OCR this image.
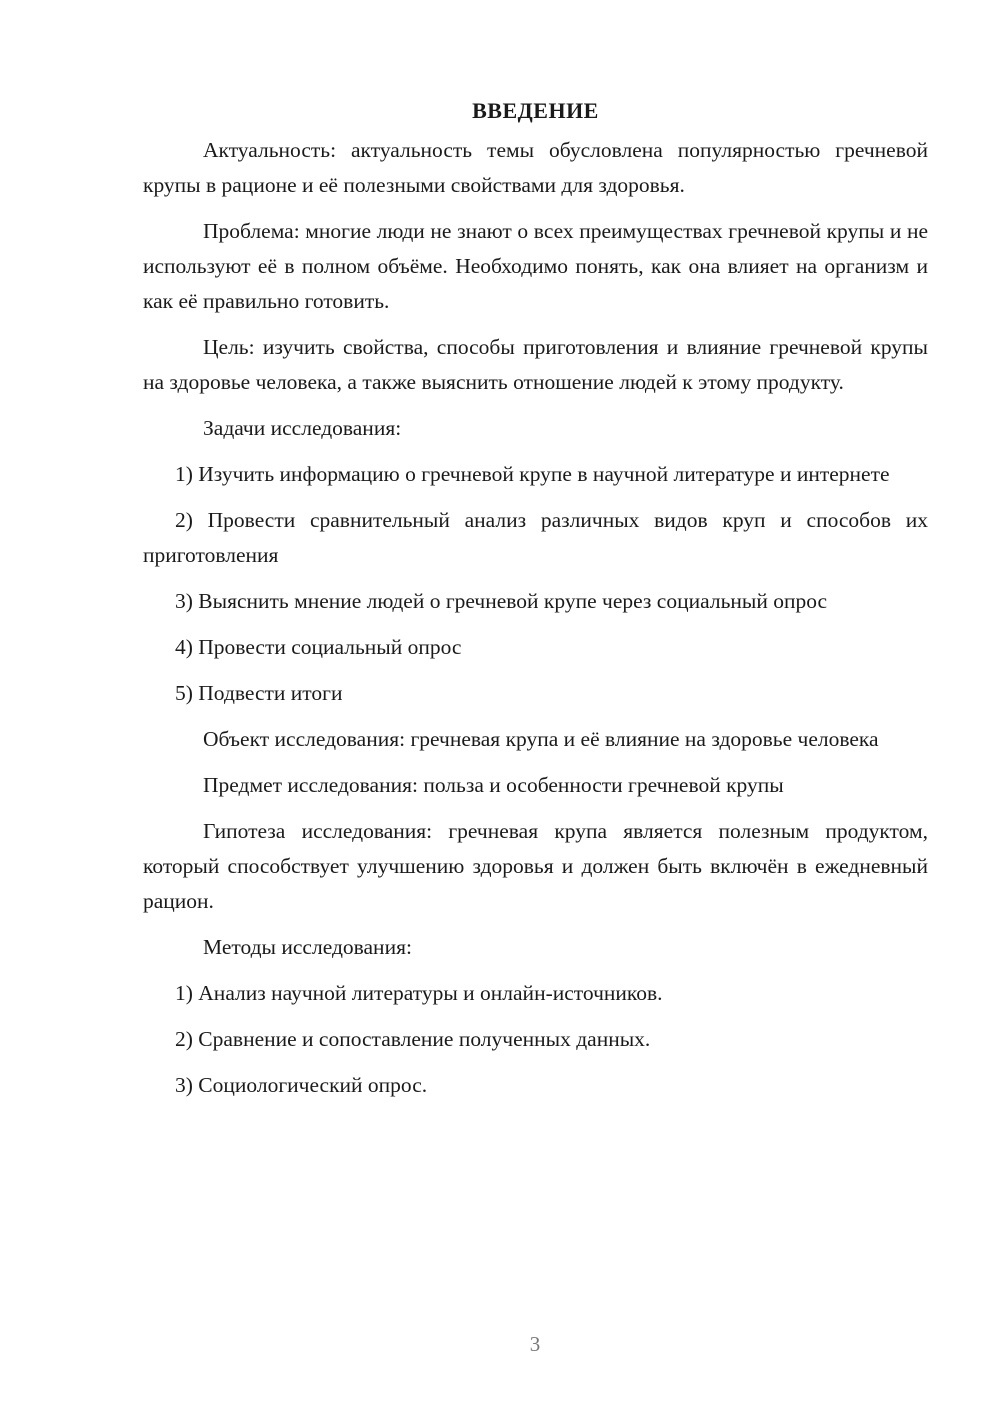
ВВЕДЕНИЕ

Актуальность: актуальность темы обусловлена популярностью гречневой крупы в рационе и её полезными свойствами для здоровья.

Проблема: многие люди не знают о всех преимуществах гречневой крупы и не используют её в полном объёме. Необходимо понять, как она влияет на организм и как её правильно готовить.

Цель: изучить свойства, способы приготовления и влияние гречневой крупы на здоровье человека, а также выяснить отношение людей к этому продукту.

Задачи исследования:

1) Изучить информацию о гречневой крупе в научной литературе и интернете

2) Провести сравнительный анализ различных видов круп и способов их приготовления

3) Выяснить мнение людей о гречневой крупе через социальный опрос

4) Провести социальный опрос

5) Подвести итоги

Объект исследования: гречневая крупа и её влияние на здоровье человека

Предмет исследования: польза и особенности гречневой крупы

Гипотеза исследования: гречневая крупа является полезным продуктом, который способствует улучшению здоровья и должен быть включён в ежедневный рацион.

Методы исследования:

1) Анализ научной литературы и онлайн-источников.

2) Сравнение и сопоставление полученных данных.

3) Социологический опрос.

3
